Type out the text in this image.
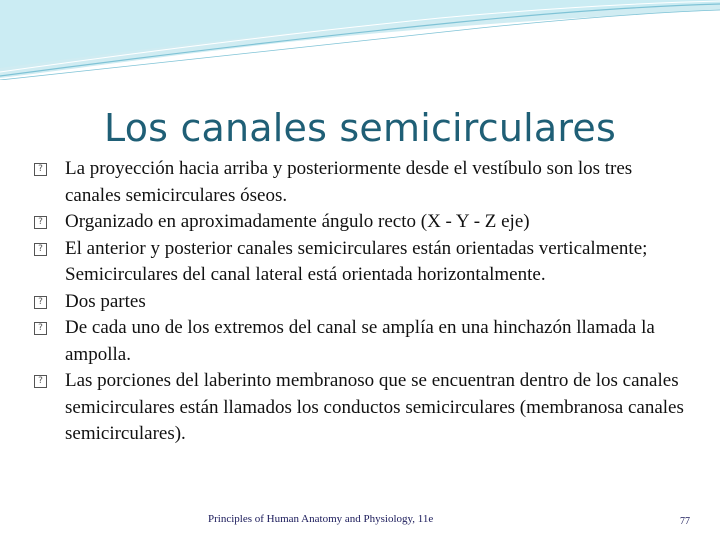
Los canales semicirculares
?
La proyección hacia arriba y posteriormente desde el vestíbulo son los tres canales semicirculares óseos.
?
Organizado en aproximadamente ángulo recto (X - Y - Z eje)
?
El anterior y posterior canales semicirculares están orientadas verticalmente; Semicirculares del canal lateral está orientada horizontalmente.
?
Dos partes
?
De cada uno de los extremos del canal se amplía en una hinchazón llamada la ampolla.
?
Las porciones del laberinto membranoso que se encuentran dentro de los canales semicirculares están llamados los conductos semicirculares (membranosa canales semicirculares).
Principles of Human Anatomy and Physiology, 11e	77
